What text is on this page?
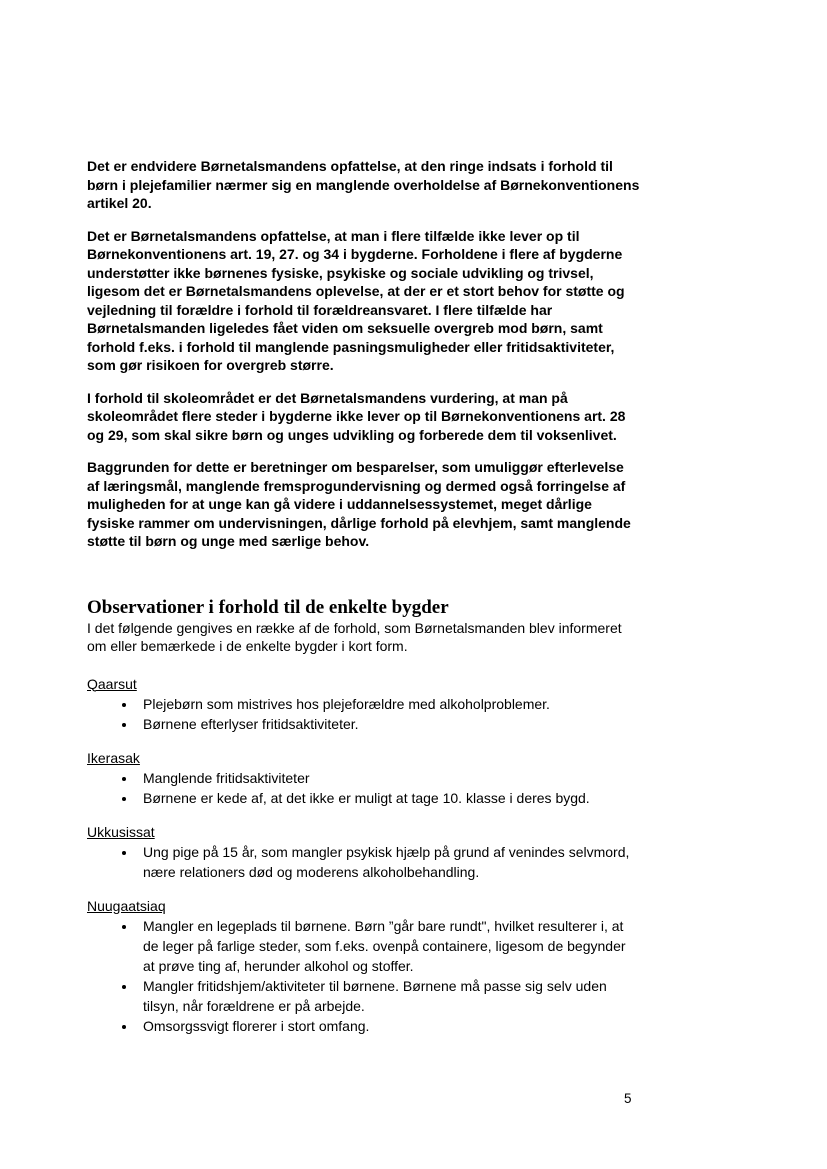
Det er endvidere Børnetalsmandens opfattelse, at den ringe indsats i forhold til børn i plejefamilier nærmer sig en manglende overholdelse af Børnekonventionens artikel 20.

Det er Børnetalsmandens opfattelse, at man i flere tilfælde ikke lever op til Børnekonventionens art. 19, 27. og 34 i bygderne. Forholdene i flere af bygderne understøtter ikke børnenes fysiske, psykiske og sociale udvikling og trivsel, ligesom det er Børnetalsmandens oplevelse, at der er et stort behov for støtte og vejledning til forældre i forhold til forældreansvaret. I flere tilfælde har Børnetalsmanden ligeledes fået viden om seksuelle overgreb mod børn, samt forhold f.eks. i forhold til manglende pasningsmuligheder eller fritidsaktiviteter, som gør risikoen for overgreb større.

I forhold til skoleområdet er det Børnetalsmandens vurdering, at man på skoleområdet flere steder i bygderne ikke lever op til Børnekonventionens art. 28 og 29, som skal sikre børn og unges udvikling og forberede dem til voksenlivet.

Baggrunden for dette er beretninger om besparelser, som umuliggør efterlevelse af læringsmål, manglende fremsprogundervisning og dermed også forringelse af muligheden for at unge kan gå videre i uddannelsessystemet, meget dårlige fysiske rammer om undervisningen, dårlige forhold på elevhjem, samt manglende støtte til børn og unge med særlige behov.

Observationer i forhold til de enkelte bygder

I det følgende gengives en række af de forhold, som Børnetalsmanden blev informeret om eller bemærkede i de enkelte bygder i kort form.

Qaarsut
• Plejebørn som mistrives hos plejeforældre med alkoholproblemer.
• Børnene efterlyser fritidsaktiviteter.
Ikerasak
• Manglende fritidsaktiviteter
• Børnene er kede af, at det ikke er muligt at tage 10. klasse i deres bygd.
Ukkusissat
• Ung pige på 15 år, som mangler psykisk hjælp på grund af venindes selvmord, nære relationers død og moderens alkoholbehandling.
Nuugaatsiaq
• Mangler en legeplads til børnene. Børn ”går bare rundt", hvilket resulterer i, at de leger på farlige steder, som f.eks. ovenpå containere, ligesom de begynder at prøve ting af, herunder alkohol og stoffer.
• Mangler fritidshjem/aktiviteter til børnene. Børnene må passe sig selv uden tilsyn, når forældrene er på arbejde.
• Omsorgssvigt florerer i stort omfang.
5
